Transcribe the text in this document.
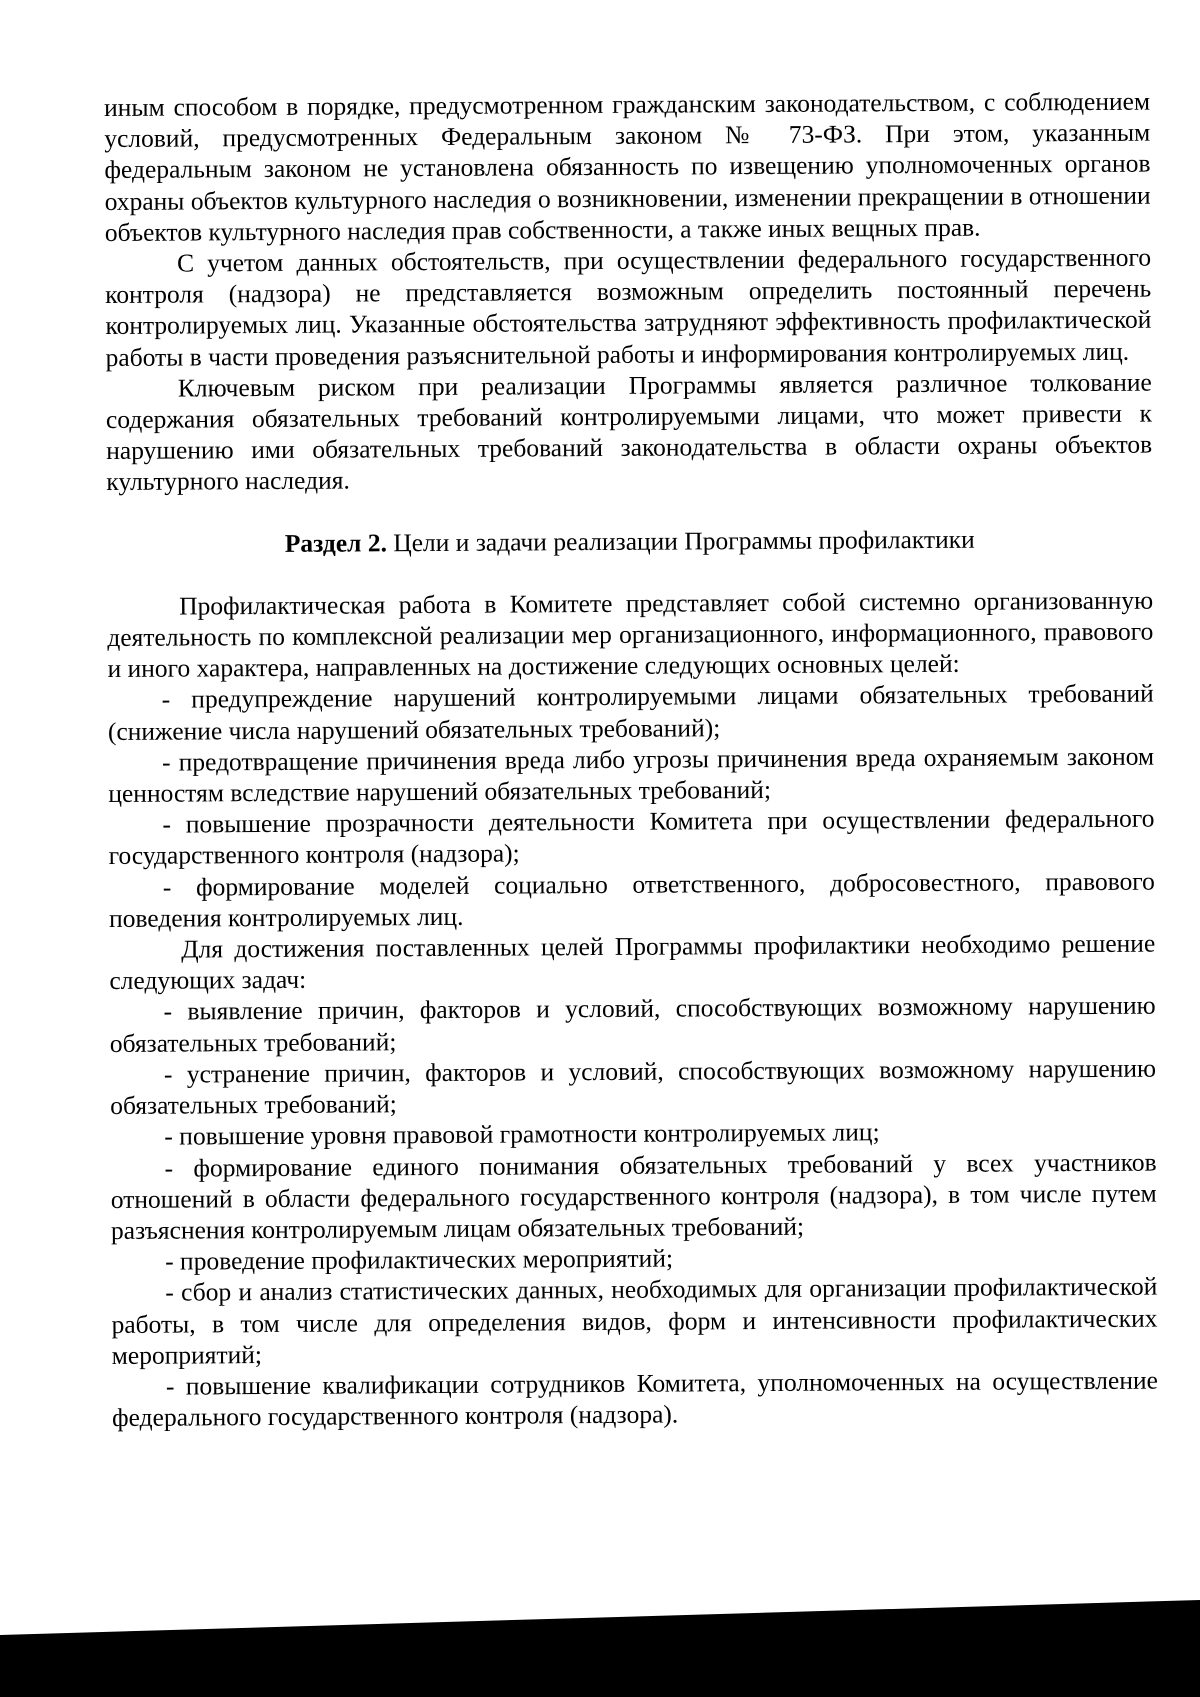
иным способом в порядке, предусмотренном гражданским законодательством, с соблюдением условий, предусмотренных Федеральным законом № 73-ФЗ. При этом, указанным федеральным законом не установлена обязанность по извещению уполномоченных органов охраны объектов культурного наследия о возникновении, изменении прекращении в отношении объектов культурного наследия прав собственности, а также иных вещных прав.

С учетом данных обстоятельств, при осуществлении федерального государственного контроля (надзора) не представляется возможным определить постоянный перечень контролируемых лиц. Указанные обстоятельства затрудняют эффективность профилактической работы в части проведения разъяснительной работы и информирования контролируемых лиц.

Ключевым риском при реализации Программы является различное толкование содержания обязательных требований контролируемыми лицами, что может привести к нарушению ими обязательных требований законодательства в области охраны объектов культурного наследия.

Раздел 2. Цели и задачи реализации Программы профилактики

Профилактическая работа в Комитете представляет собой системно организованную деятельность по комплексной реализации мер организационного, информационного, правового и иного характера, направленных на достижение следующих основных целей:

- предупреждение нарушений контролируемыми лицами обязательных требований (снижение числа нарушений обязательных требований);

- предотвращение причинения вреда либо угрозы причинения вреда охраняемым законом ценностям вследствие нарушений обязательных требований;

- повышение прозрачности деятельности Комитета при осуществлении федерального государственного контроля (надзора);

- формирование моделей социально ответственного, добросовестного, правового поведения контролируемых лиц.

Для достижения поставленных целей Программы профилактики необходимо решение следующих задач:

- выявление причин, факторов и условий, способствующих возможному нарушению обязательных требований;

- устранение причин, факторов и условий, способствующих возможному нарушению обязательных требований;

- повышение уровня правовой грамотности контролируемых лиц;

- формирование единого понимания обязательных требований у всех участников отношений в области федерального государственного контроля (надзора), в том числе путем разъяснения контролируемым лицам обязательных требований;

- проведение профилактических мероприятий;

- сбор и анализ статистических данных, необходимых для организации профилактической работы, в том числе для определения видов, форм и интенсивности профилактических мероприятий;

- повышение квалификации сотрудников Комитета, уполномоченных на осуществление федерального государственного контроля (надзора).
